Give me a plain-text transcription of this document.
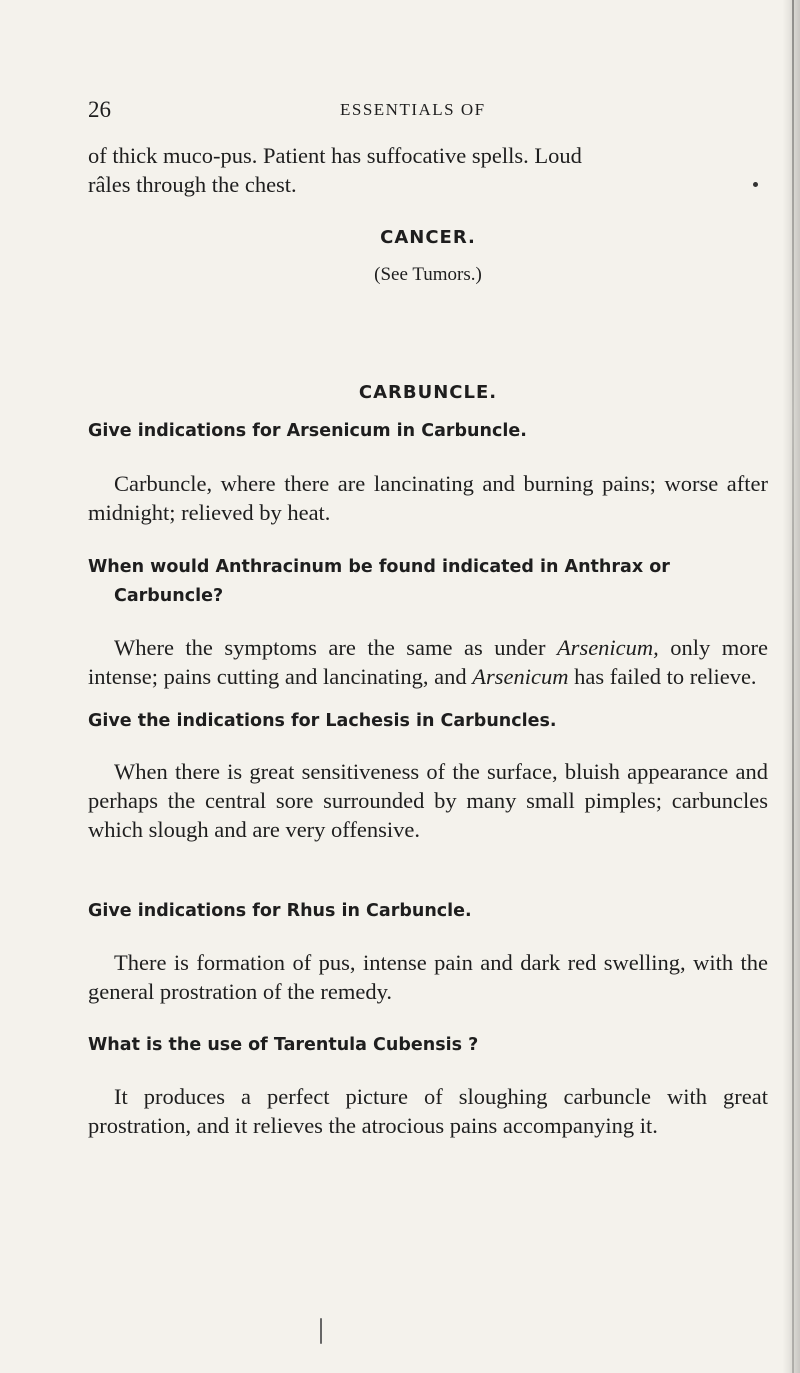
26	ESSENTIALS OF
of thick muco-pus. Patient has suffocative spells. Loud
râles through the chest.
CANCER.
(See Tumors.)
CARBUNCLE.
Give indications for Arsenicum in Carbuncle.
Carbuncle, where there are lancinating and burning pains; worse after midnight; relieved by heat.
When would Anthracinum be found indicated in Anthrax or Carbuncle?
Where the symptoms are the same as under Arsenicum, only more intense; pains cutting and lancinating, and Arsenicum has failed to relieve.
Give the indications for Lachesis in Carbuncles.
When there is great sensitiveness of the surface, bluish appearance and perhaps the central sore surrounded by many small pimples; carbuncles which slough and are very offensive.
Give indications for Rhus in Carbuncle.
There is formation of pus, intense pain and dark red swelling, with the general prostration of the remedy.
What is the use of Tarentula Cubensis ?
It produces a perfect picture of sloughing carbuncle with great prostration, and it relieves the atrocious pains accompanying it.
